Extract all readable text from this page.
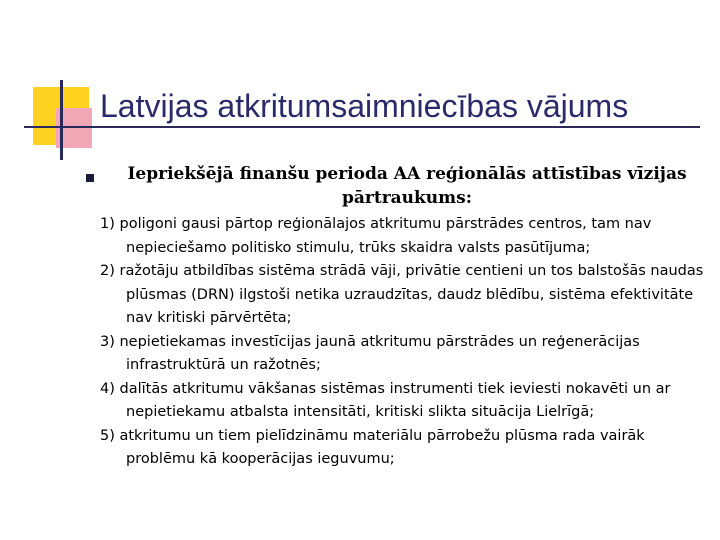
Latvijas atkritumsaimniecības vājums
Iepriekšējā finanšu perioda AA reģionālās attīstības vīzijas pārtraukums:

1) poligoni gausi pārtop reģionālajos atkritumu pārstrādes centros, tam nav nepieciešamo politisko stimulu, trūks skaidra valsts pasūtījuma;

2) ražotāju atbildības sistēma strādā vāji, privātie centieni un tos balstošās naudas plūsmas (DRN) ilgstoši netika uzraudzītas, daudz blēdību, sistēma efektivitāte nav kritiski pārvērtēta;

3) nepietiekamas investīcijas jaunā atkritumu pārstrādes un reģenerācijas infrastruktūrā un ražotnēs;

4) dalītās atkritumu vākšanas sistēmas instrumenti tiek ieviesti nokavēti un ar nepietiekamu atbalsta intensitāti, kritiski slikta situācija Lielrīgā;

5) atkritumu un tiem pielīdzināmu materiālu pārrobežu plūsma rada vairāk problēmu kā kooperācijas ieguvumu;
